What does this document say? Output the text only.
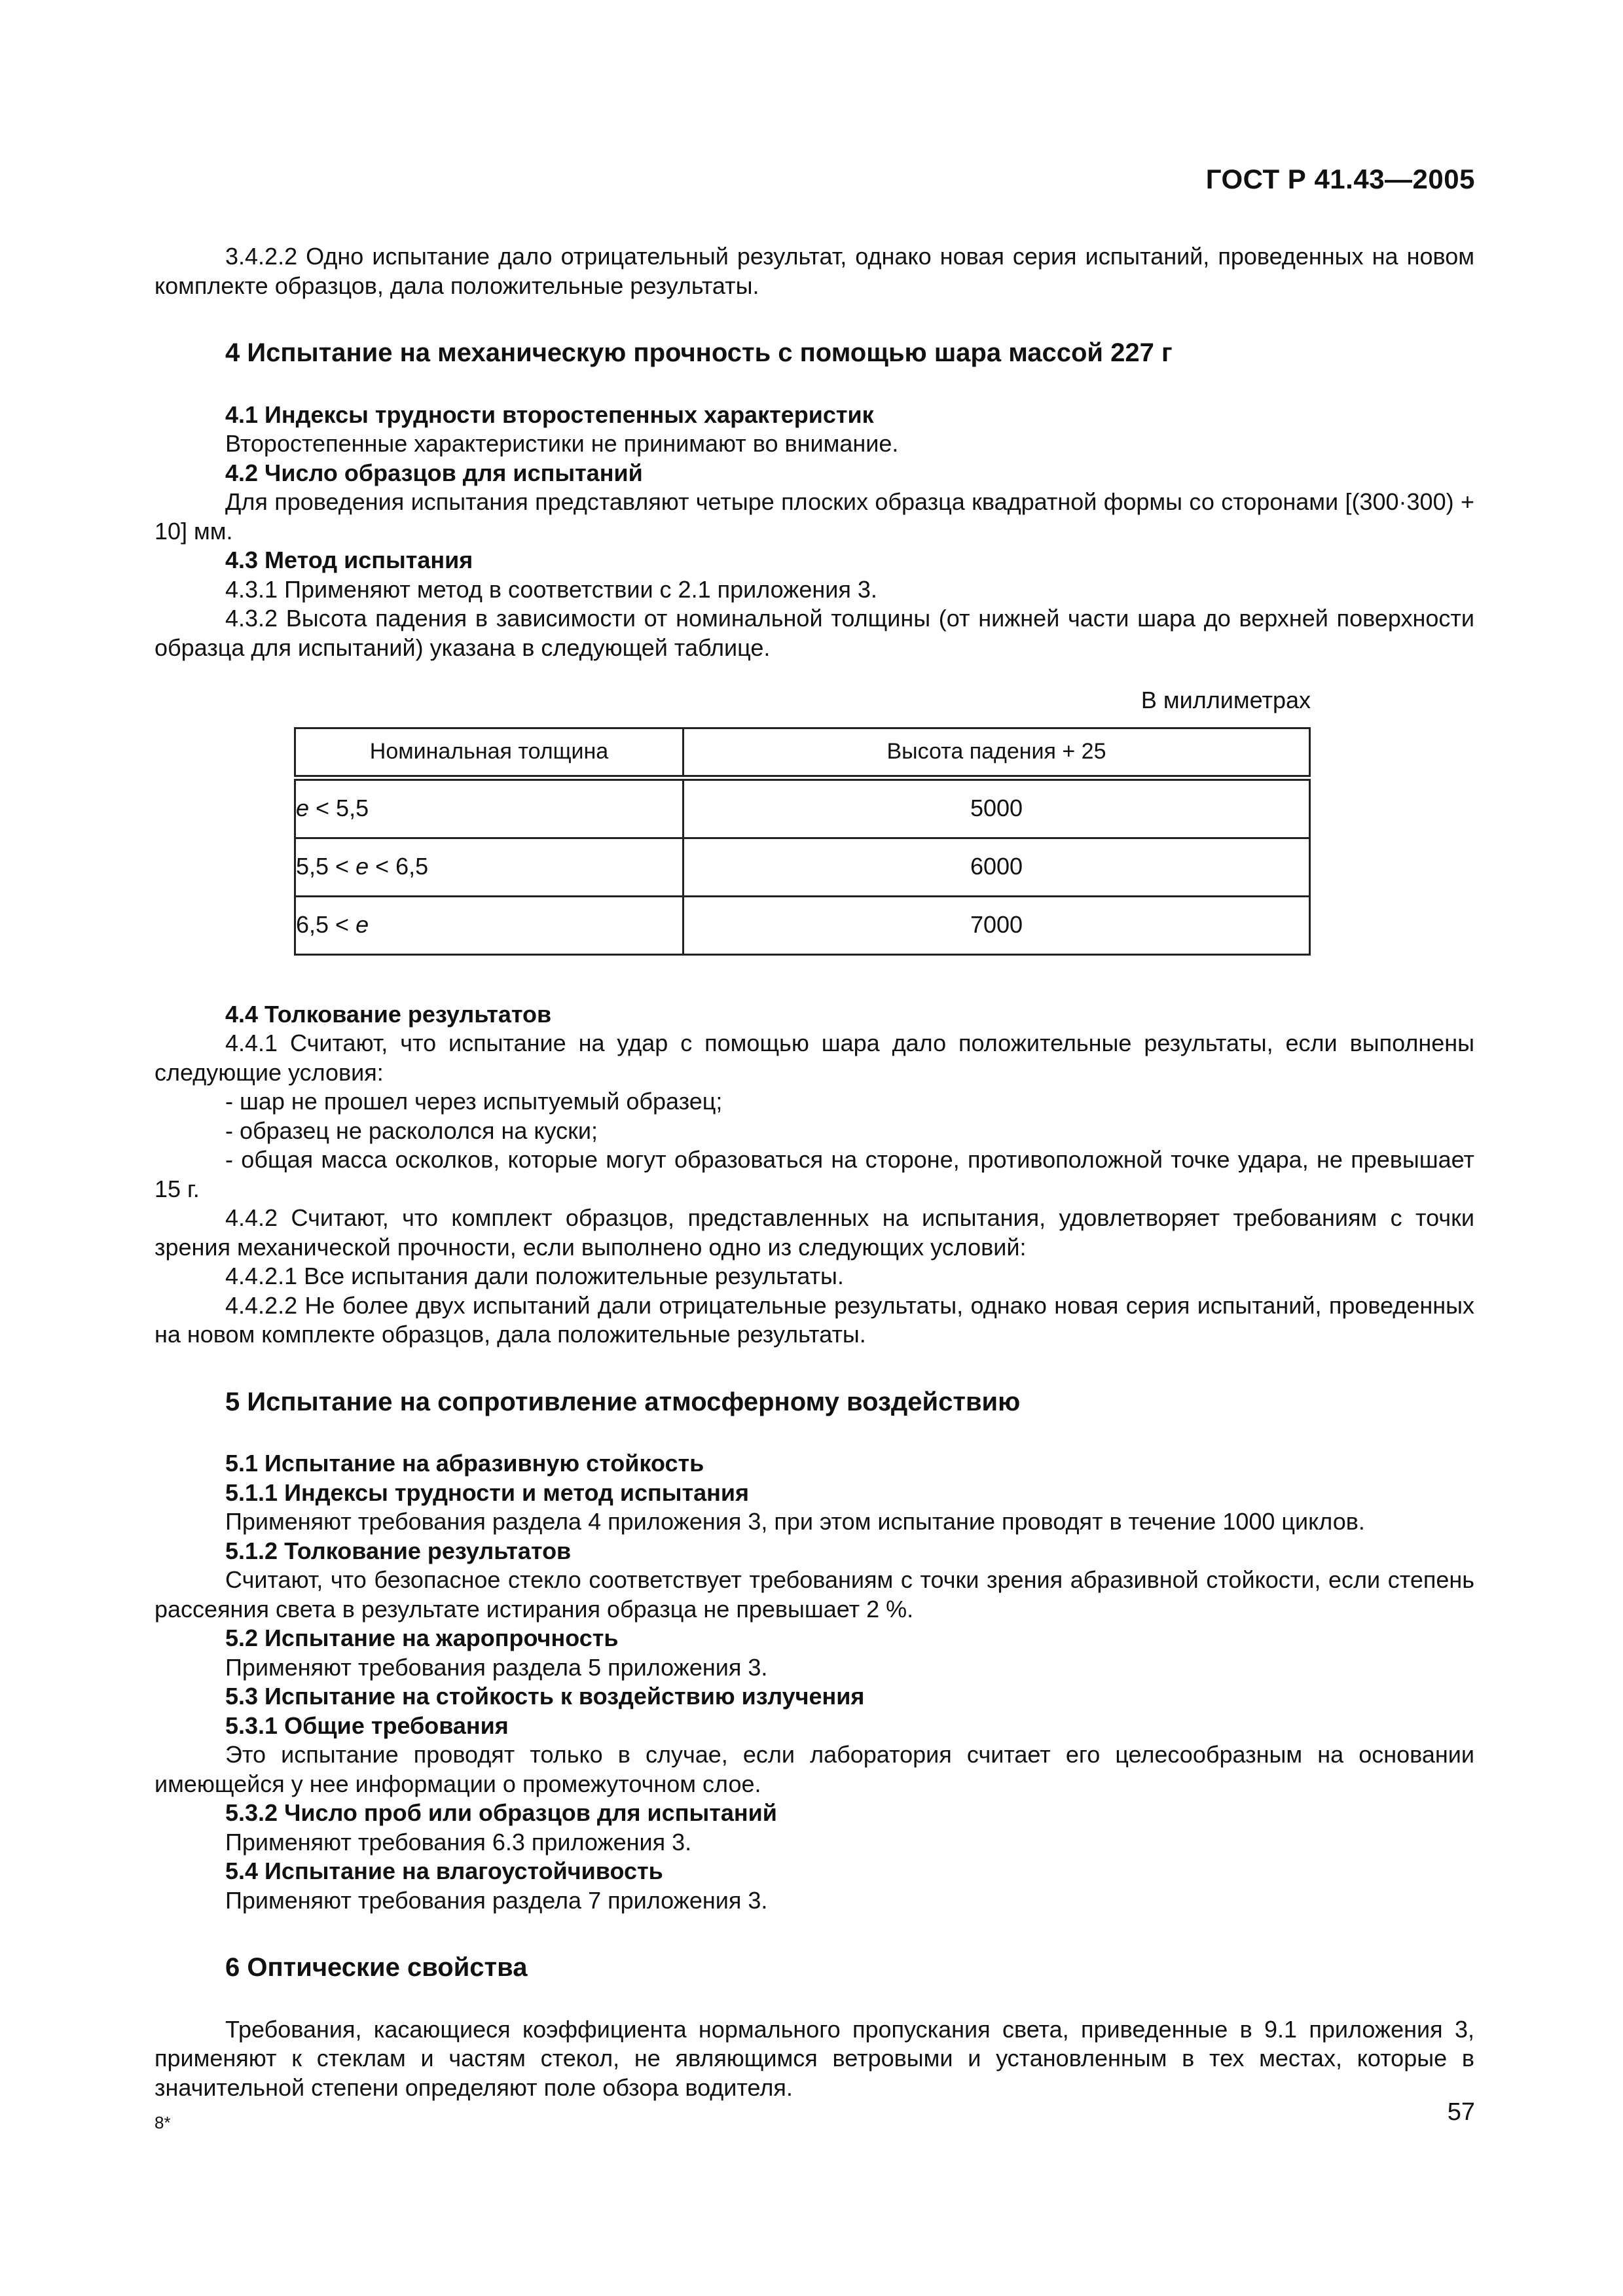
ГОСТ Р 41.43—2005

3.4.2.2 Одно испытание дало отрицательный результат, однако новая серия испытаний, проведенных на новом комплекте образцов, дала положительные результаты.

4 Испытание на механическую прочность с помощью шара массой 227 г

4.1 Индексы трудности второстепенных характеристик

Второстепенные характеристики не принимают во внимание.

4.2 Число образцов для испытаний

Для проведения испытания представляют четыре плоских образца квадратной формы со сторонами [(300·300) + 10] мм.

4.3 Метод испытания

4.3.1 Применяют метод в соответствии с 2.1 приложения 3.

4.3.2 Высота падения в зависимости от номинальной толщины (от нижней части шара до верхней поверхности образца для испытаний) указана в следующей таблице.

В миллиметрах

Номинальная толщина	Высота падения + 25
e < 5,5	5000
5,5 < e < 6,5	6000
6,5 < e	7000

4.4 Толкование результатов

4.4.1 Считают, что испытание на удар с помощью шара дало положительные результаты, если выполнены следующие условия:

- шар не прошел через испытуемый образец;

- образец не раскололся на куски;

- общая масса осколков, которые могут образоваться на стороне, противоположной точке удара, не превышает 15 г.

4.4.2 Считают, что комплект образцов, представленных на испытания, удовлетворяет требованиям с точки зрения механической прочности, если выполнено одно из следующих условий:

4.4.2.1 Все испытания дали положительные результаты.

4.4.2.2 Не более двух испытаний дали отрицательные результаты, однако новая серия испытаний, проведенных на новом комплекте образцов, дала положительные результаты.

5 Испытание на сопротивление атмосферному воздействию

5.1 Испытание на абразивную стойкость

5.1.1 Индексы трудности и метод испытания

Применяют требования раздела 4 приложения 3, при этом испытание проводят в течение 1000 циклов.

5.1.2 Толкование результатов

Считают, что безопасное стекло соответствует требованиям с точки зрения абразивной стойкости, если степень рассеяния света в результате истирания образца не превышает 2 %.

5.2 Испытание на жаропрочность

Применяют требования раздела 5 приложения 3.

5.3 Испытание на стойкость к воздействию излучения

5.3.1 Общие требования

Это испытание проводят только в случае, если лаборатория считает его целесообразным на основании имеющейся у нее информации о промежуточном слое.

5.3.2 Число проб или образцов для испытаний

Применяют требования 6.3 приложения 3.

5.4 Испытание на влагоустойчивость

Применяют требования раздела 7 приложения 3.

6 Оптические свойства

Требования, касающиеся коэффициента нормального пропускания света, приведенные в 9.1 приложения 3, применяют к стеклам и частям стекол, не являющимся ветровыми и установленным в тех местах, которые в значительной степени определяют поле обзора водителя.

8*	57
